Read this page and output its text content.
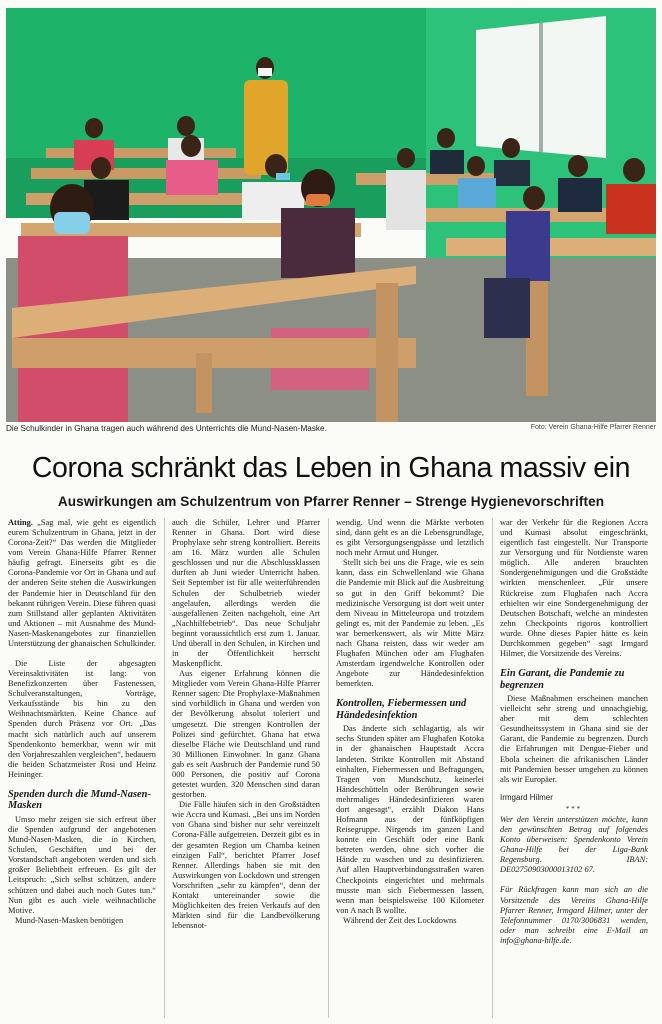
Die Schulkinder in Ghana tragen auch während des Unterrichts die Mund-Nasen-Maske.	Foto: Verein Ghana-Hilfe Pfarrer Renner
Corona schränkt das Leben in Ghana massiv ein
Auswirkungen am Schulzentrum von Pfarrer Renner – Strenge Hygienevorschriften

Atting. „Sag mal, wie geht es eigentlich eurem Schulzentrum in Ghana, jetzt in der Corona-Zeit?“ Das werden die Mitglieder vom Verein Ghana-Hilfe Pfarrer Renner häufig gefragt. Einerseits gibt es die Corona-Pandemie vor Ort in Ghana und auf der anderen Seite stehen die Auswirkungen der Pandemie hier in Deutschland für den bekannt rührigen Verein. Diese führen quasi zum Stillstand aller geplanten Aktivitäten und Aktionen – mit Ausnahme des Mund-Nasen-Maskenangebotes zur finanziellen Unterstützung der ghanaischen Schulkinder.

Die Liste der abgesagten Vereinsaktivitäten ist lang: von Benefizkonzerten über Fastenessen, Schulveranstaltungen, Vorträge, Verkaufsstände bis hin zu den Weihnachtsmärkten. Keine Chance auf Spenden durch Präsenz vor Ort. „Das macht sich natürlich auch auf unserem Spendenkonto bemerkbar, wenn wir mit den Vorjahreszahlen vergleichen“, bedauern die beiden Schatzmeister Rosi und Heinz Heininger.

Spenden durch die Mund-Nasen-Masken

Umso mehr zeigen sie sich erfreut über die Spenden aufgrund der angebotenen Mund-Nasen-Masken, die in Kirchen, Schulen, Geschäften und bei der Vorstandschaft angeboten werden und sich großer Beliebtheit erfreuen. Es gilt der Leitspruch: „Sich selbst schützen, andere schützen und dabei auch noch Gutes tun.“ Nun gibt es auch viele weihnachtliche Motive.

Mund-Nasen-Masken benötigen

auch die Schüler, Lehrer und Pfarrer Renner in Ghana. Dort wird diese Prophylaxe sehr streng kontrolliert. Bereits am 16. März wurden alle Schulen geschlossen und nur die Abschlussklassen durften ab Juni wieder Unterricht haben. Seit September ist für alle weiterführenden Schulen der Schulbetrieb wieder angelaufen, allerdings werden die ausgefallenen Zeiten nachgeholt, eine Art „Nachhilfebetrieb“. Das neue Schuljahr beginnt voraussichtlich erst zum 1. Januar. Und überall in den Schulen, in Kirchen und in der Öffentlichkeit herrscht Maskenpflicht.

Aus eigener Erfahrung können die Mitglieder vom Verein Ghana-Hilfe Pfarrer Renner sagen: Die Prophylaxe-Maßnahmen sind vorbildlich in Ghana und werden von der Bevölkerung absolut toleriert und umgesetzt. Die strengen Kontrollen der Polizei sind gefürchtet. Ghana hat etwa dieselbe Fläche wie Deutschland und rund 30 Millionen Einwohner. In ganz Ghana gab es seit Ausbruch der Pandemie rund 50 000 Personen, die positiv auf Corona getestet wurden. 320 Menschen sind daran gestorben.

Die Fälle häufen sich in den Großstädten wie Accra und Kumasi. „Bei uns im Norden von Ghana sind bisher nur sehr vereinzelt Corona-Fälle aufgetreten. Derzeit gibt es in der gesamten Region um Chamba keinen einzigen Fall“, berichtet Pfarrer Josef Renner. Allerdings haben sie mit den Auswirkungen von Lockdown und strengen Vorschriften „sehr zu kämpfen“, denn der Kontakt untereinander sowie die Möglichkeiten des freien Verkaufs auf den Märkten sind für die Landbevölkerung lebensnot-

wendig. Und wenn die Märkte verboten sind, dann geht es an die Lebensgrundlage, es gibt Versorgungsengpässe und letztlich noch mehr Armut und Hunger.

Stellt sich bei uns die Frage, wie es sein kann, dass ein Schwellenland wie Ghana die Pandemie mit Blick auf die Ausbreitung so gut in den Griff bekommt? Die medizinische Versorgung ist dort weit unter dem Niveau in Mitteleuropa und trotzdem gelingt es, mit der Pandemie zu leben. „Es war bemerkenswert, als wir Mitte März nach Ghana reisten, dass wir weder am Flughafen München oder am Flughafen Amsterdam irgendwelche Kontrollen oder Angebote zur Händedesinfektion bemerkten.

Kontrollen, Fiebermessen und Händedesinfektion

Das änderte sich schlagartig, als wir sechs Stunden später am Flughafen Kotoka in der ghanaischen Hauptstadt Accra landeten. Strikte Kontrollen mit Abstand einhalten, Fiebermessen und Befragungen, Tragen von Mundschutz, keinerlei Händeschütteln oder Berührungen sowie mehrmaliges Händedesinfizieren waren dort angesagt“, erzählt Diakon Hans Hofmann aus der fünfköpfigen Reisegruppe. Nirgends im ganzen Land konnte ein Geschäft oder eine Bank betreten werden, ohne sich vorher die Hände zu waschen und zu desinfizieren. Auf allen Hauptverbindungsstraßen waren Checkpoints eingerichtet und mehrmals musste man sich Fiebermessen lassen, wenn man beispielsweise 100 Kilometer von A nach B wollte.

Während der Zeit des Lockdowns

war der Verkehr für die Regionen Accra und Kumasi absolut eingeschränkt, eigentlich fast eingestellt. Nur Transporte zur Versorgung und für Notdienste waren möglich. Alle anderen brauchten Sondergenehmigungen und die Großstädte wirkten menschenleer. „Für unsere Rückreise zum Flughafen nach Accra erhielten wir eine Sondergenehmigung der Deutschen Botschaft, welche an mindesten zehn Checkpoints rigoros kontrolliert wurde. Ohne dieses Papier hätte es kein Durchkommen gegeben“ sagt Irmgard Hilmer, die Vorsitzende des Vereins.

Ein Garant, die Pandemie zu begrenzen

Diese Maßnahmen erscheinen manchen vielleicht sehr streng und unnachgiebig, aber mit dem schlechten Gesundheitssystem in Ghana sind sie der Garant, die Pandemie zu begrenzen. Durch die Erfahrungen mit Dengue-Fieber und Ebola scheinen die afrikanischen Länder mit Pandemien besser umgehen zu können als wir Europäer.

Irmgard Hilmer
***

Wer den Verein unterstützen möchte, kann den gewünschten Betrag auf folgendes Konto überweisen: Spendenkonto Verein Ghana-Hilfe bei der Liga-Bank Regensburg. IBAN: DE02750903000013102 67.

Für Rückfragen kann man sich an die Vorsitzende des Vereins Ghana-Hilfe Pfarrer Renner, Irmgard Hilmer, unter der Telefonnummer 0170/3006831 wenden, oder man schreibt eine E-Mail an info@ghana-hilfe.de.
